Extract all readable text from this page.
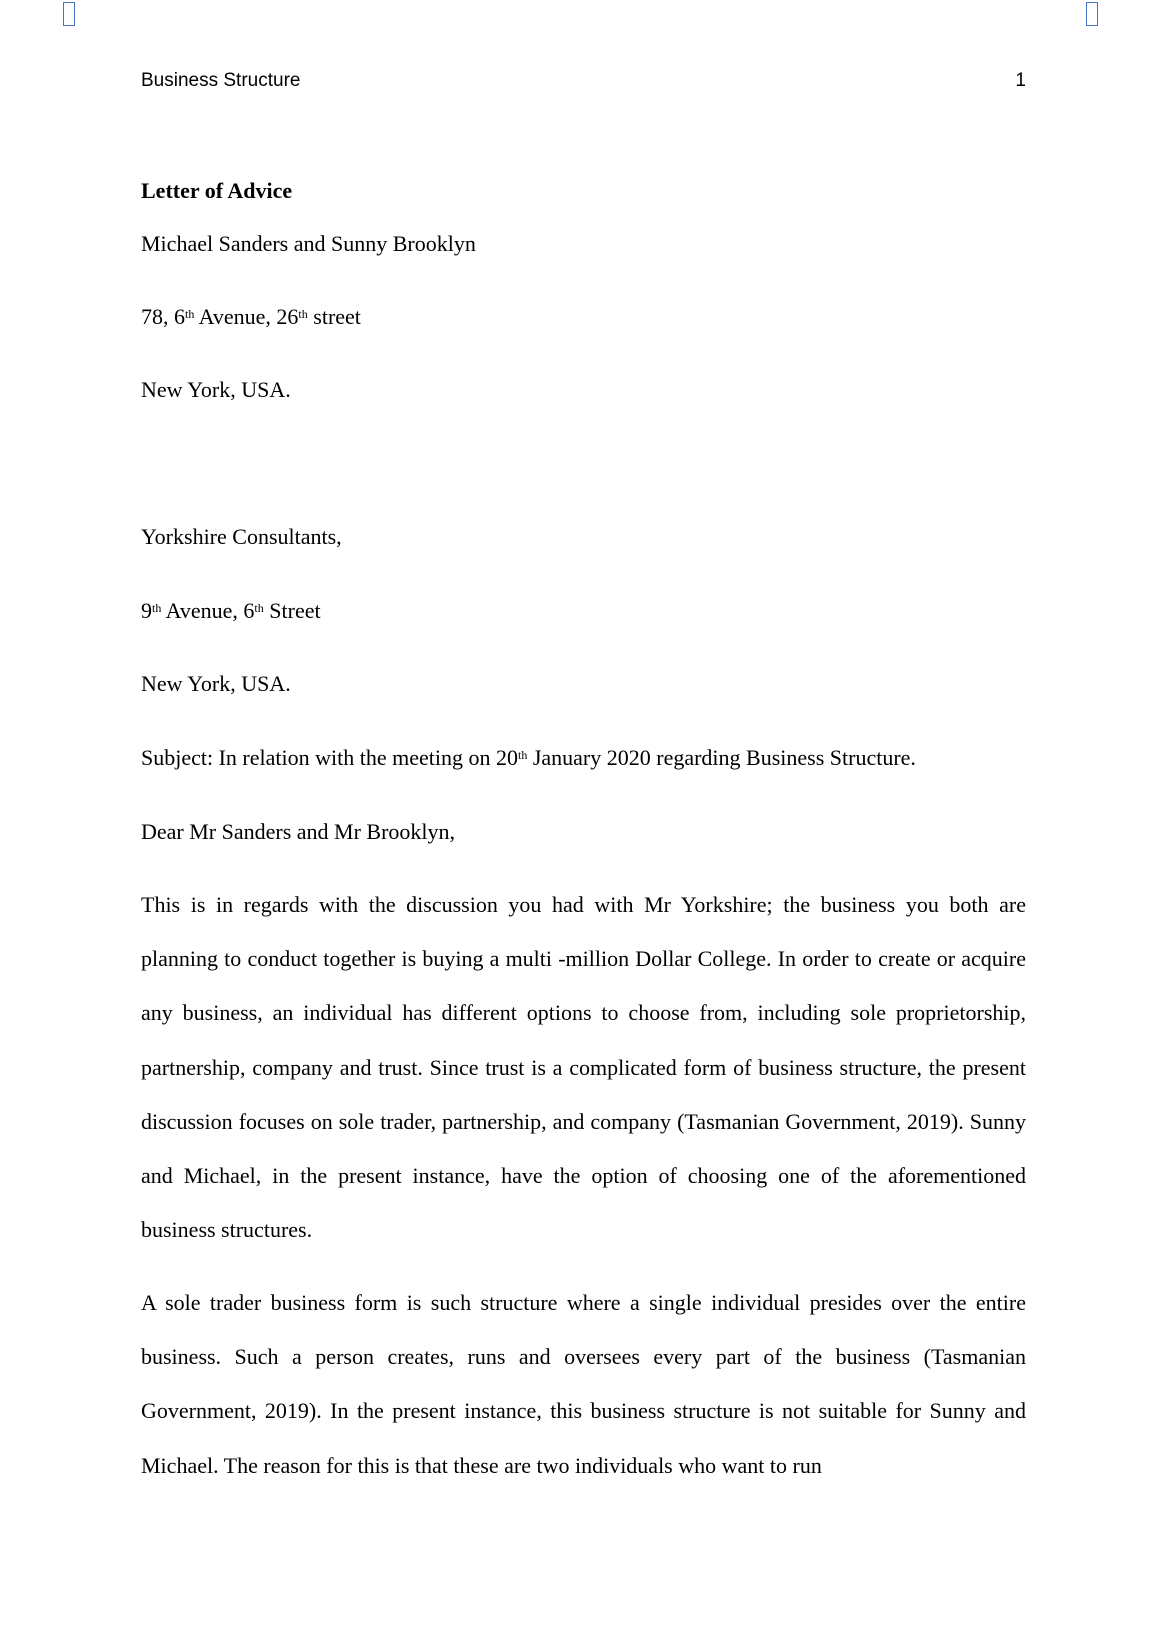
Business Structure	1
Letter of Advice
Michael Sanders and Sunny Brooklyn
78, 6th Avenue, 26th street
New York, USA.
Yorkshire Consultants,
9th Avenue, 6th Street
New York, USA.
Subject: In relation with the meeting on 20th January 2020 regarding Business Structure.
Dear Mr Sanders and Mr Brooklyn,
This is in regards with the discussion you had with Mr Yorkshire; the business you both are planning to conduct together is buying a multi -million Dollar College. In order to create or acquire any business, an individual has different options to choose from, including sole proprietorship, partnership, company and trust. Since trust is a complicated form of business structure, the present discussion focuses on sole trader, partnership, and company (Tasmanian Government, 2019). Sunny and Michael, in the present instance, have the option of choosing one of the aforementioned business structures.
A sole trader business form is such structure where a single individual presides over the entire business. Such a person creates, runs and oversees every part of the business (Tasmanian Government, 2019). In the present instance, this business structure is not suitable for Sunny and Michael. The reason for this is that these are two individuals who want to run
